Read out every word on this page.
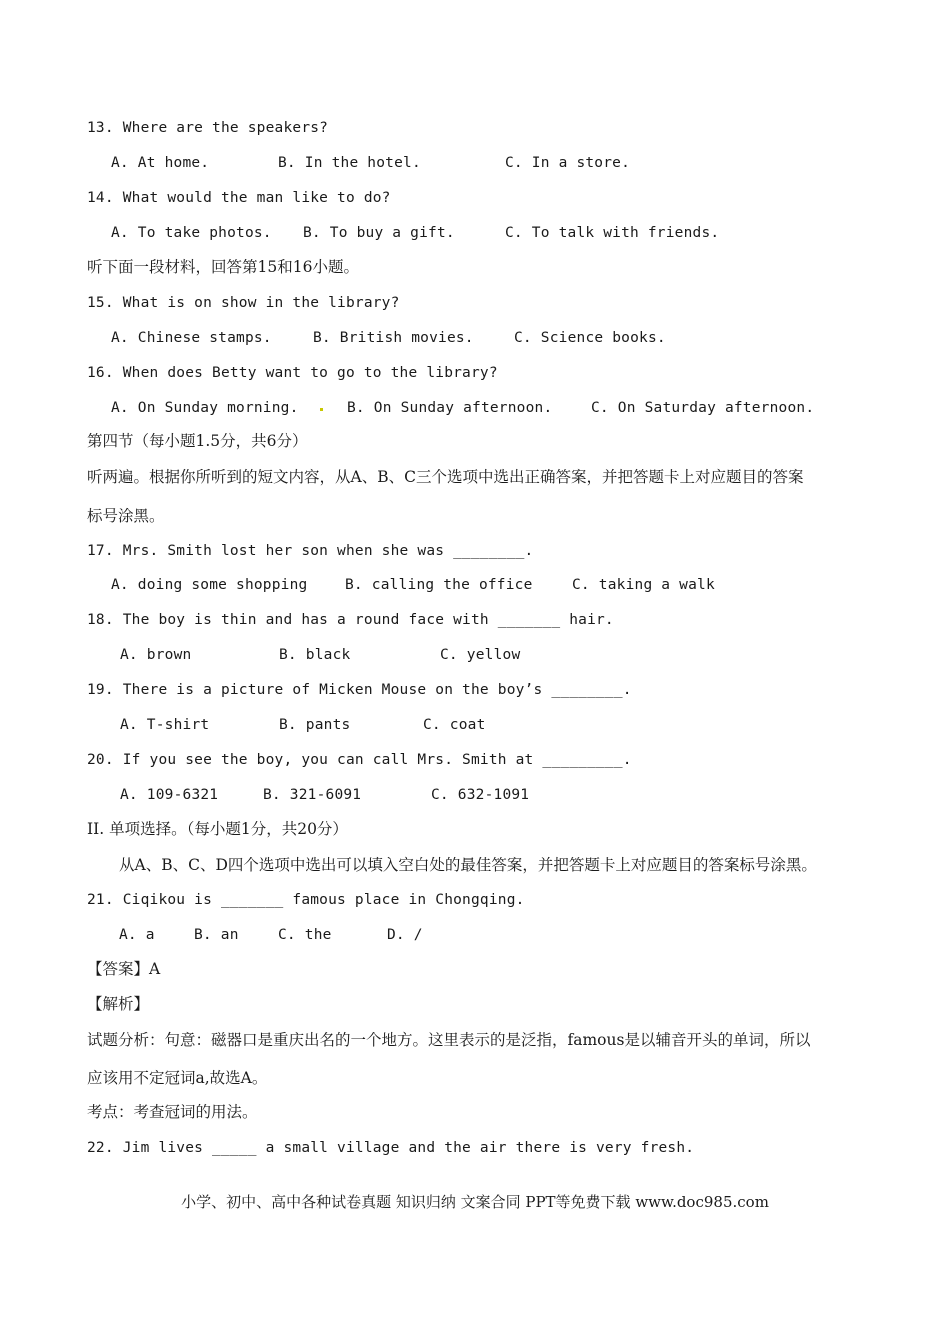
13. Where are the speakers?
A. At home.	B. In the hotel.	C. In a store.
14. What would the man like to do?
A. To take photos. B. To buy a gift.	C. To talk with friends.
听下面一段材料，回答第15和16小题。
15. What is on show in the library?
A. Chinese stamps.	B. British movies.	C. Science books.
16. When does Betty want to go to the library?
A. On Sunday morning.	B. On Sunday afternoon.	C. On Saturday afternoon.
第四节（每小题1.5分，共6分）
听两遍。根据你所听到的短文内容，从A、B、C三个选项中选出正确答案，并把答题卡上对应题目的答案
标号涂黑。
17. Mrs. Smith lost her son when she was ________.
A. doing some shopping	B. calling the office	C. taking a walk
18. The boy is thin and has a round face with _______ hair.
A. brown	B. black	C. yellow
19. There is a picture of Micken Mouse on the boy’s ________.
A. T-shirt	B. pants	C. coat
20. If you see the boy, you can call Mrs. Smith at _________.
A. 109-6321	B. 321-6091	C. 632-1091
II. 单项选择。（每小题1分，共20分）
从A、B、C、D四个选项中选出可以填入空白处的最佳答案，并把答题卡上对应题目的答案标号涂黑。
21. Ciqikou is _______ famous place in Chongqing.
A. a	B. an	C. the	D. /
【答案】A
【解析】
试题分析：句意：磁器口是重庆出名的一个地方。这里表示的是泛指，famous是以辅音开头的单词，所以
应该用不定冠词a,故选A。
考点：考查冠词的用法。
22. Jim lives _____ a small village and the air there is very fresh.
小学、初中、高中各种试卷真题 知识归纳 文案合同 PPT等免费下载 www.doc985.com
